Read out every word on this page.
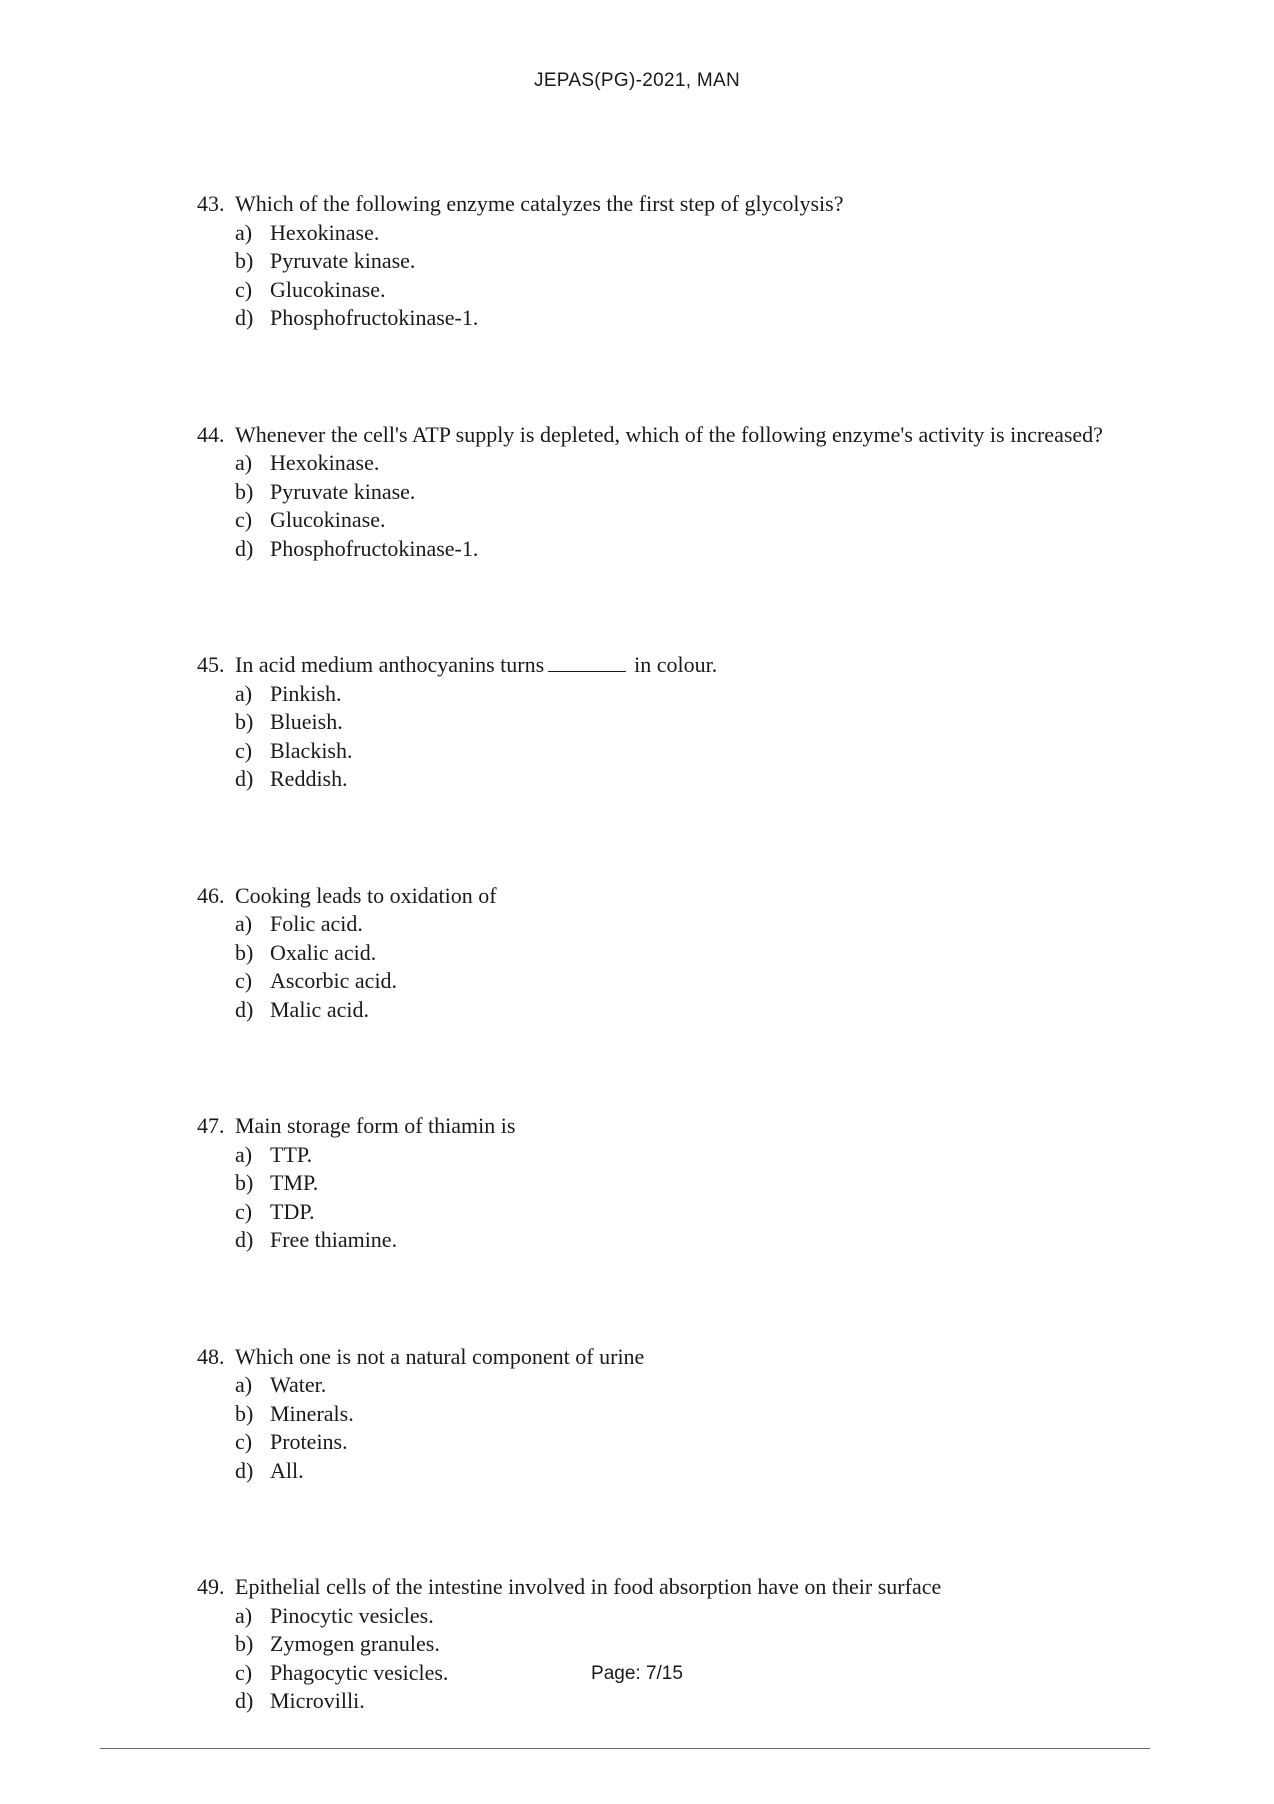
JEPAS(PG)-2021, MAN
43. Which of the following enzyme catalyzes the first step of glycolysis?
a) Hexokinase.
b) Pyruvate kinase.
c) Glucokinase.
d) Phosphofructokinase-1.
44. Whenever the cell's ATP supply is depleted, which of the following enzyme's activity is increased?
a) Hexokinase.
b) Pyruvate kinase.
c) Glucokinase.
d) Phosphofructokinase-1.
45. In acid medium anthocyanins turns	in colour.
a) Pinkish.
b) Blueish.
c) Blackish.
d) Reddish.
46. Cooking leads to oxidation of
a) Folic acid.
b) Oxalic acid.
c) Ascorbic acid.
d) Malic acid.
47. Main storage form of thiamin is
a) TTP.
b) TMP.
c) TDP.
d) Free thiamine.
48. Which one is not a natural component of urine
a) Water.
b) Minerals.
c) Proteins.
d) All.
49. Epithelial cells of the intestine involved in food absorption have on their surface
a) Pinocytic vesicles.
b) Zymogen granules.
c) Phagocytic vesicles.
d) Microvilli.
Page: 7/15
